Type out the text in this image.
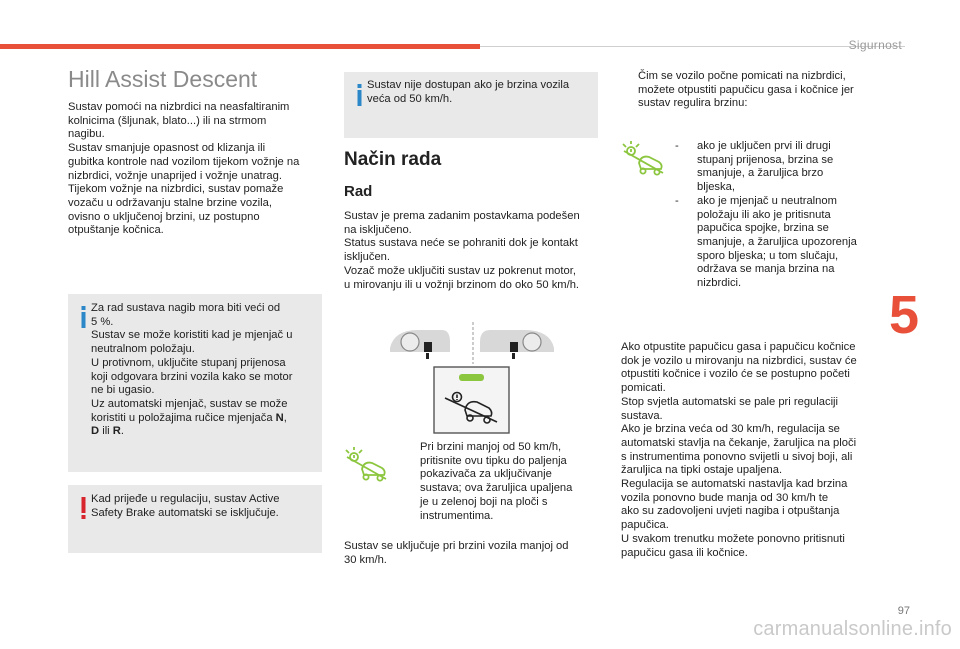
Sigurnost
Hill Assist Descent

Sustav pomoći na nizbrdici na neasfaltiranim
kolnicima (šljunak, blato...) ili na strmom
nagibu.
Sustav smanjuje opasnost od klizanja ili
gubitka kontrole nad vozilom tijekom vožnje na
nizbrdici, vožnje unaprijed i vožnje unatrag.
Tijekom vožnje na nizbrdici, sustav pomaže
vozaču u održavanju stalne brzine vozila,
ovisno o uključenoj brzini, uz postupno
otpuštanje kočnica.

Za rad sustava nagib mora biti veći od
5 %.
Sustav se može koristiti kad je mjenjač u
neutralnom položaju.
U protivnom, uključite stupanj prijenosa
koji odgovara brzini vozila kako se motor
ne bi ugasio.
Uz automatski mjenjač, sustav se može
koristiti u položajima ručice mjenjača N,
D ili R.
Kad prijeđe u regulaciju, sustav Active
Safety Brake automatski se isključuje.
Sustav nije dostupan ako je brzina vozila
veća od 50 km/h.
Način rada
Rad

Sustav je prema zadanim postavkama podešen
na isključeno.
Status sustava neće se pohraniti dok je kontakt
isključen.
Vozač može uključiti sustav uz pokrenut motor,
u mirovanju ili u vožnji brzinom do oko 50 km/h.

Pri brzini manjoj od 50 km/h,
pritisnite ovu tipku do paljenja
pokazivača za uključivanje
sustava; ova žaruljica upaljena
je u zelenoj boji na ploči s
instrumentima.

Sustav se uključuje pri brzini vozila manjoj od
30 km/h.

Čim se vozilo počne pomicati na nizbrdici,
možete otpustiti papučicu gasa i kočnice jer
sustav regulira brzinu:

-	ako je uključen prvi ili drugi
stupanj prijenosa, brzina se
smanjuje, a žaruljica brzo
bljeska,
-	ako je mjenjač u neutralnom
položaju ili ako je pritisnuta
papučica spojke, brzina se
smanjuje, a žaruljica upozorenja
sporo bljeska; u tom slučaju,
održava se manja brzina na
nizbrdici.

Ako otpustite papučicu gasa i papučicu kočnice
dok je vozilo u mirovanju na nizbrdici, sustav će
otpustiti kočnice i vozilo će se postupno početi
pomicati.
Stop svjetla automatski se pale pri regulaciji
sustava.
Ako je brzina veća od 30 km/h, regulacija se
automatski stavlja na čekanje, žaruljica na ploči
s instrumentima ponovno svijetli u sivoj boji, ali
žaruljica na tipki ostaje upaljena.
Regulacija se automatski nastavlja kad brzina
vozila ponovno bude manja od 30 km/h te
ako su zadovoljeni uvjeti nagiba i otpuštanja
papučica.
U svakom trenutku možete ponovno pritisnuti
papučicu gasa ili kočnice.

5
97
carmanualsonline.info
